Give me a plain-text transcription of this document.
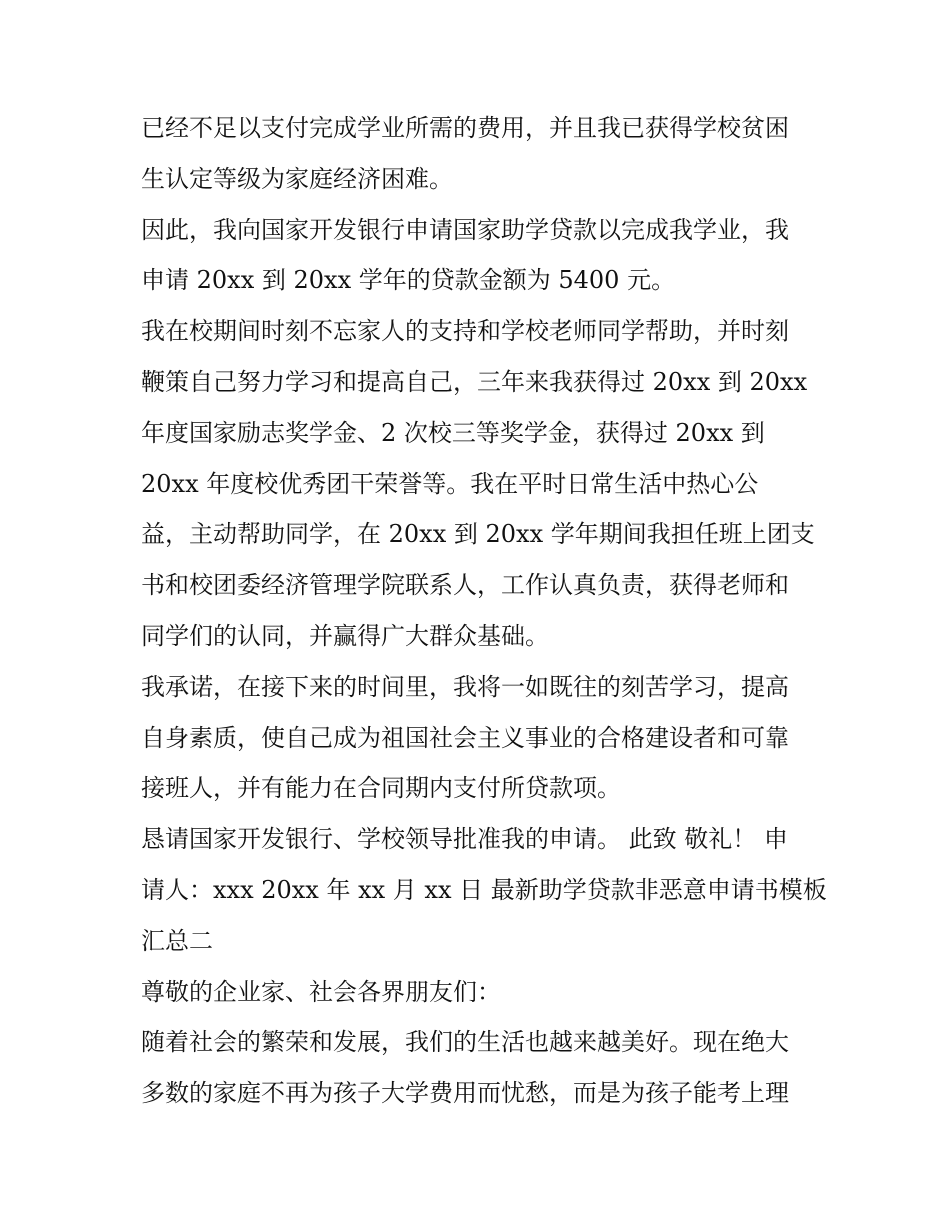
已经不足以支付完成学业所需的费用，并且我已获得学校贫困
生认定等级为家庭经济困难。
因此，我向国家开发银行申请国家助学贷款以完成我学业，我
申请 20xx 到 20xx 学年的贷款金额为 5400 元。
我在校期间时刻不忘家人的支持和学校老师同学帮助，并时刻
鞭策自己努力学习和提高自己，三年来我获得过 20xx 到 20xx
年度国家励志奖学金、2 次校三等奖学金，获得过 20xx 到
20xx 年度校优秀团干荣誉等。我在平时日常生活中热心公
益，主动帮助同学，在 20xx 到 20xx 学年期间我担任班上团支
书和校团委经济管理学院联系人，工作认真负责，获得老师和
同学们的认同，并赢得广大群众基础。
我承诺，在接下来的时间里，我将一如既往的刻苦学习，提高
自身素质，使自己成为祖国社会主义事业的合格建设者和可靠
接班人，并有能力在合同期内支付所贷款项。
恳请国家开发银行、学校领导批准我的申请。 此致 敬礼！ 申
请人：xxx 20xx 年 xx 月 xx 日 最新助学贷款非恶意申请书模板
汇总二
尊敬的企业家、社会各界朋友们：
随着社会的繁荣和发展，我们的生活也越来越美好。现在绝大
多数的家庭不再为孩子大学费用而忧愁，而是为孩子能考上理
